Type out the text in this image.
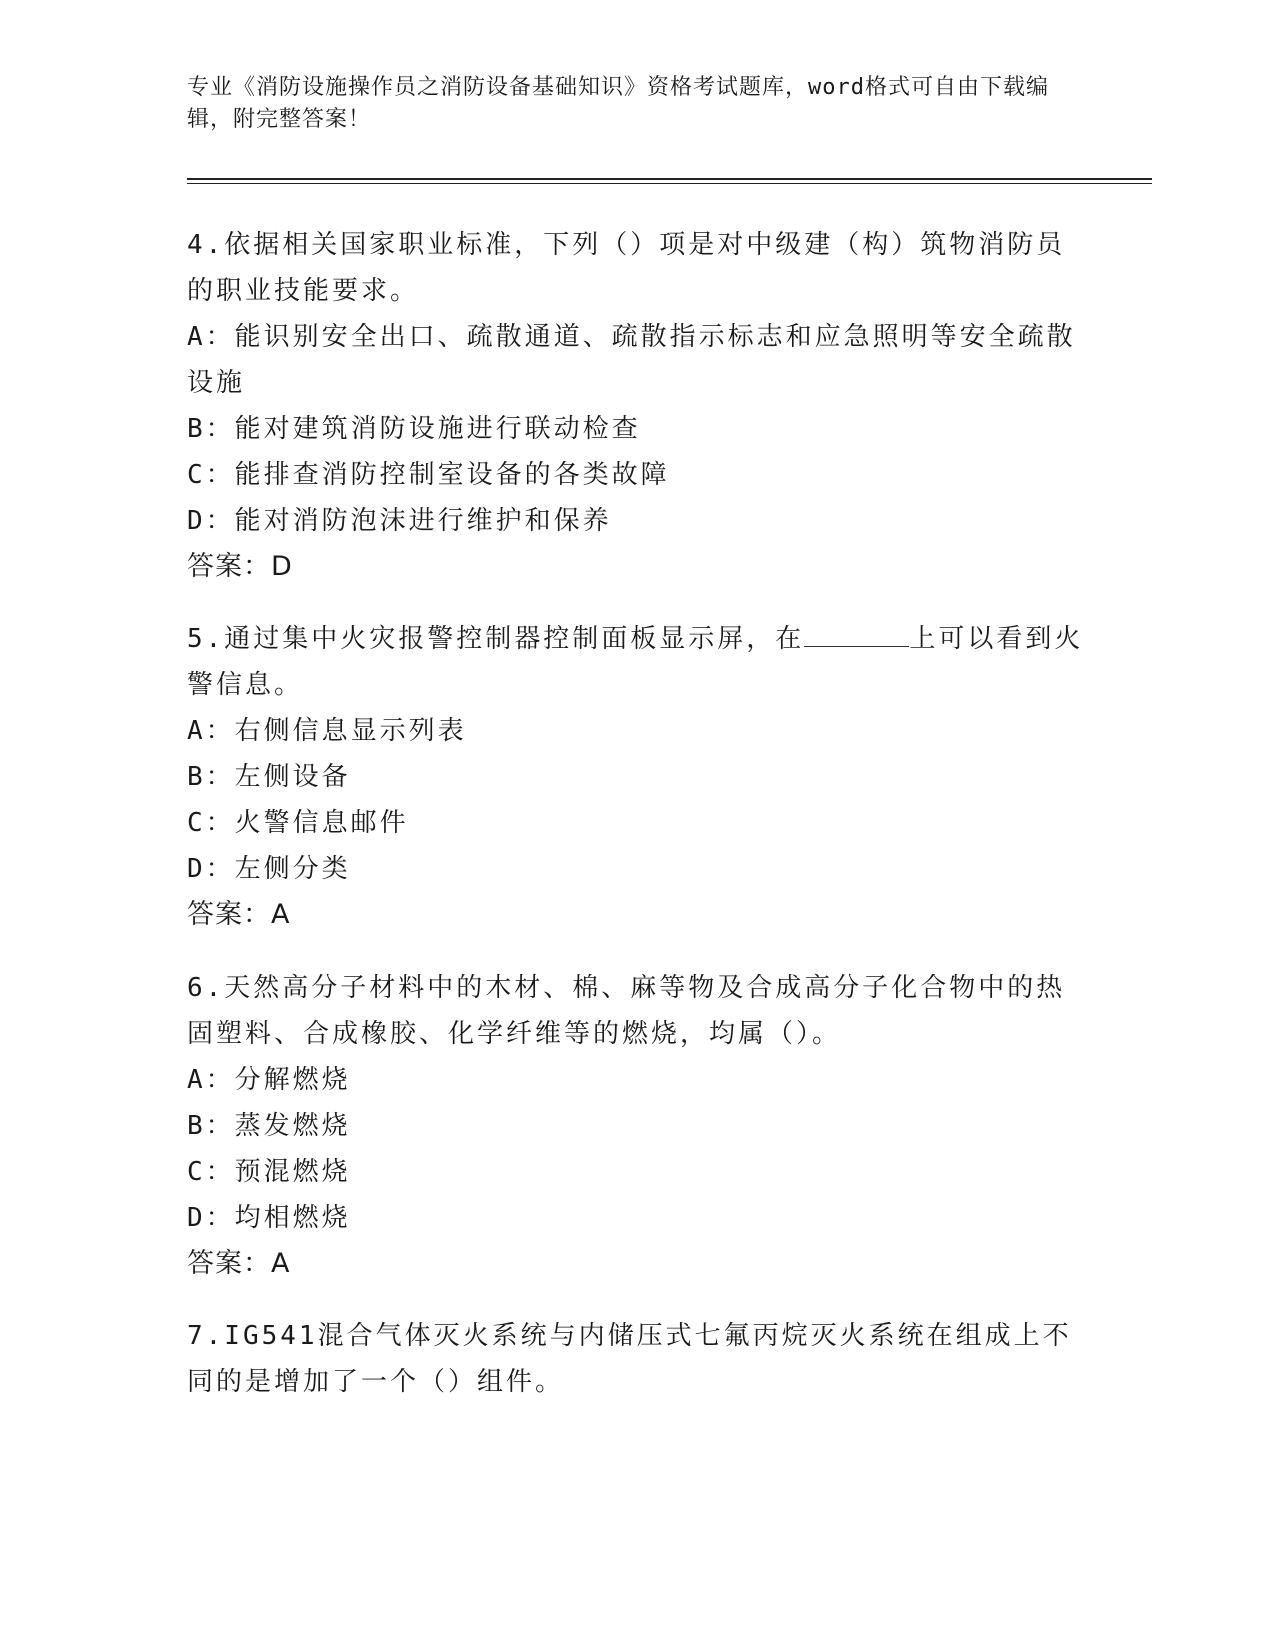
专业《消防设施操作员之消防设备基础知识》资格考试题库，word格式可自由下载编辑，附完整答案！

4.依据相关国家职业标准，下列（）项是对中级建（构）筑物消防员的职业技能要求。

A：能识别安全出口、疏散通道、疏散指示标志和应急照明等安全疏散设施

B：能对建筑消防设施进行联动检查

C：能排查消防控制室设备的各类故障

D：能对消防泡沫进行维护和保养

答案：D

5.通过集中火灾报警控制器控制面板显示屏，在	上可以看到火警信息。

A：右侧信息显示列表

B：左侧设备

C：火警信息邮件

D：左侧分类

答案：A

6.天然高分子材料中的木材、棉、麻等物及合成高分子化合物中的热固塑料、合成橡胶、化学纤维等的燃烧，均属（）。

A：分解燃烧

B：蒸发燃烧

C：预混燃烧

D：均相燃烧

答案：A

7.IG541混合气体灭火系统与内储压式七氟丙烷灭火系统在组成上不同的是增加了一个（）组件。
